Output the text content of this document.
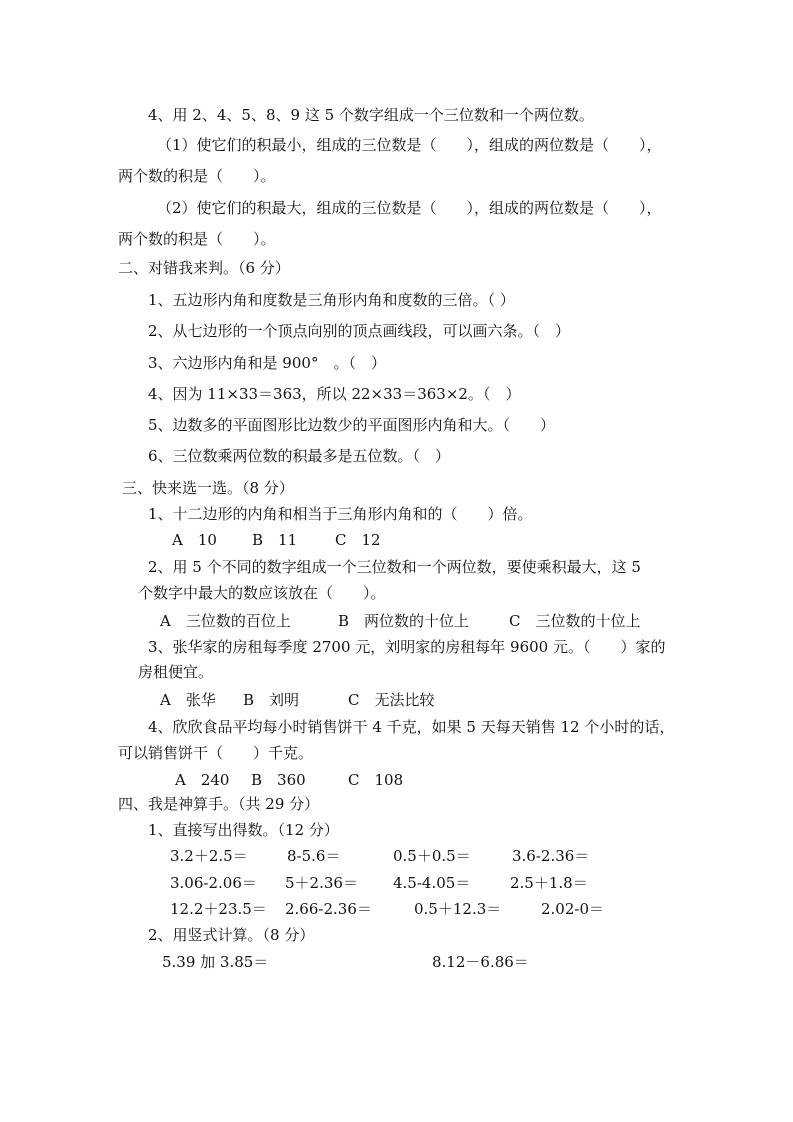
4、用 2、4、5、8、9 这 5 个数字组成一个三位数和一个两位数。
（1）使它们的积最小，组成的三位数是（　　），组成的两位数是（　　），
两个数的积是（　　）。
（2）使它们的积最大，组成的三位数是（　　），组成的两位数是（　　），
两个数的积是（　　）。
二、对错我来判。（6 分）
1、五边形内角和度数是三角形内角和度数的三倍。（ ）
2、从七边形的一个顶点向别的顶点画线段，可以画六条。（　）
3、六边形内角和是 900°　。（　）
4、因为 11×33＝363，所以 22×33＝363×2。（　）
5、边数多的平面图形比边数少的平面图形内角和大。（　　）
6、三位数乘两位数的积最多是五位数。（　）
三、快来选一选。（8 分）
1、十二边形的内角和相当于三角形内角和的（　　）倍。
A　10 B　11	C　12
2、用 5 个不同的数字组成一个三位数和一个两位数，要使乘积最大，这 5
个数字中最大的数应该放在（　　）。
A　三位数的百位上	B　两位数的十位上	C　三位数的十位上
3、张华家的房租每季度 2700 元，刘明家的房租每年 9600 元。（　　）家的
房租便宜。
A　张华 B　刘明	C　无法比较
4、欣欣食品平均每小时销售饼干 4 千克，如果 5 天每天销售 12 个小时的话，
可以销售饼干（　　）千克。
A　240 B　360	C　108
四、我是神算手。（共 29 分）
1、直接写出得数。（12 分）
3.2＋2.5＝	8-5.6＝	0.5＋0.5＝	3.6-2.36＝
3.06-2.06＝ 5＋2.36＝ 4.5-4.05＝	2.5＋1.8＝
12.2＋23.5＝ 2.66-2.36＝	0.5＋12.3＝	2.02-0＝
2、用竖式计算。（8 分）
5.39 加 3.85＝	8.12－6.86＝
